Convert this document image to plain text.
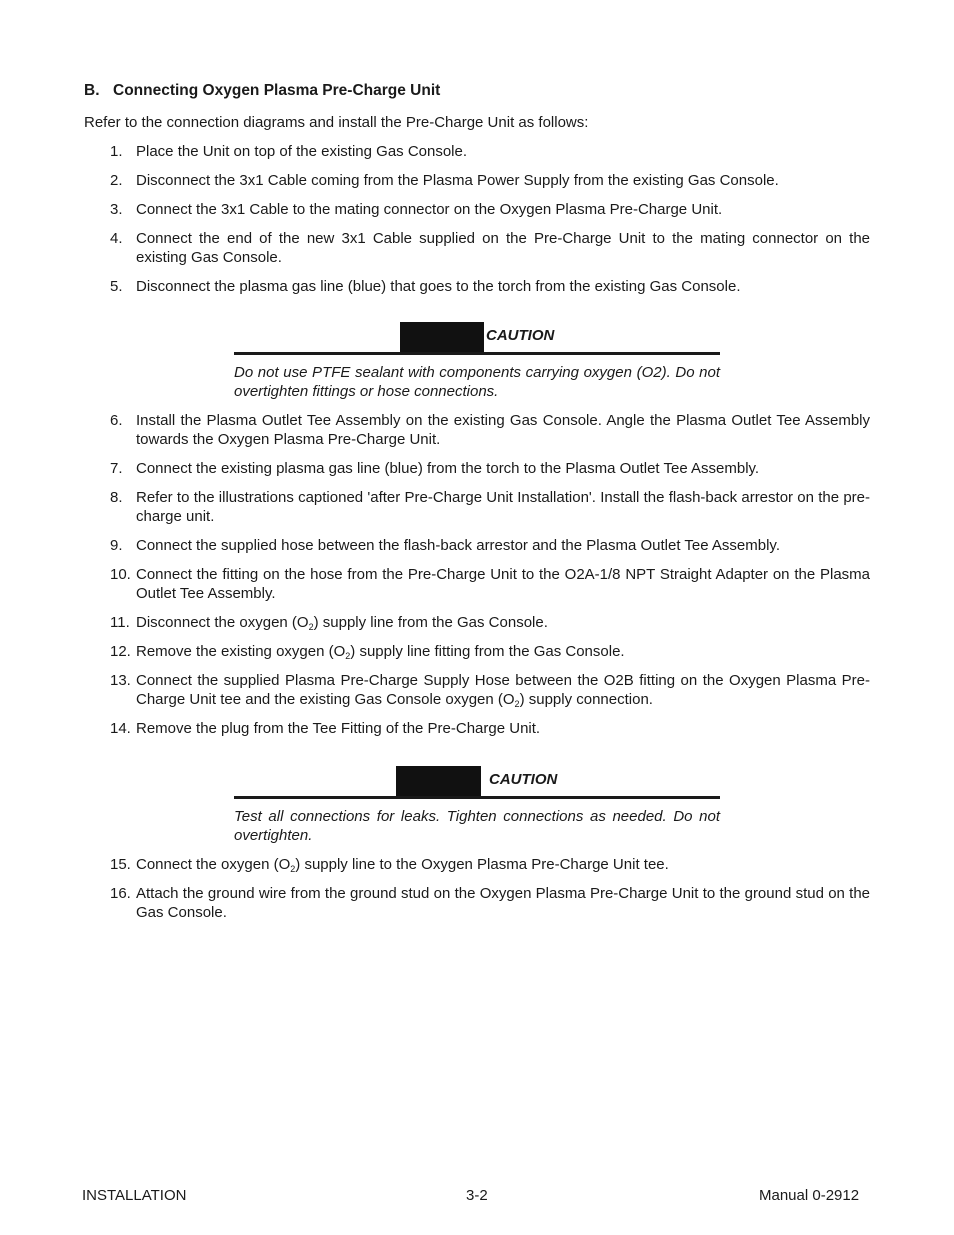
B. Connecting Oxygen Plasma Pre-Charge Unit

Refer to the connection diagrams and install the Pre-Charge Unit as follows:

1. Place the Unit on top of the existing Gas Console.
2. Disconnect the 3x1 Cable coming from the Plasma Power Supply from the existing Gas Console.
3. Connect the 3x1 Cable to the mating connector on the Oxygen Plasma Pre-Charge Unit.
4. Connect the end of the new 3x1 Cable supplied on the Pre-Charge Unit to the mating connector on the existing Gas Console.
5. Disconnect the plasma gas line (blue) that goes to the torch from the existing Gas Console.
CAUTION

Do not use PTFE sealant with components carrying oxygen (O2). Do not overtighten fittings or hose connections.

6. Install the Plasma Outlet Tee Assembly on the existing Gas Console. Angle the Plasma Outlet Tee Assembly towards the Oxygen Plasma Pre-Charge Unit.
7. Connect the existing plasma gas line (blue) from the torch to the Plasma Outlet Tee Assembly.
8. Refer to the illustrations captioned 'after Pre-Charge Unit Installation'. Install the flash-back arrestor on the pre-charge unit.
9. Connect the supplied hose between the flash-back arrestor and the Plasma Outlet Tee Assembly.
10. Connect the fitting on the hose from the Pre-Charge Unit to the O2A-1/8 NPT Straight Adapter on the Plasma Outlet Tee Assembly.
11. Disconnect the oxygen $(O_2)$ supply line from the Gas Console.
12. Remove the existing oxygen $(O_2)$ supply line fitting from the Gas Console.
13. Connect the supplied Plasma Pre-Charge Supply Hose between the O2B fitting on the Oxygen Plasma Pre-Charge Unit tee and the existing Gas Console oxygen $(O_2)$ supply connection.
14. Remove the plug from the Tee Fitting of the Pre-Charge Unit.
CAUTION

Test all connections for leaks. Tighten connections as needed. Do not overtighten.

15. Connect the oxygen $(O_2)$ supply line to the Oxygen Plasma Pre-Charge Unit tee.
16. Attach the ground wire from the ground stud on the Oxygen Plasma Pre-Charge Unit to the ground stud on the Gas Console.
INSTALLATION	3-2	Manual 0-2912
